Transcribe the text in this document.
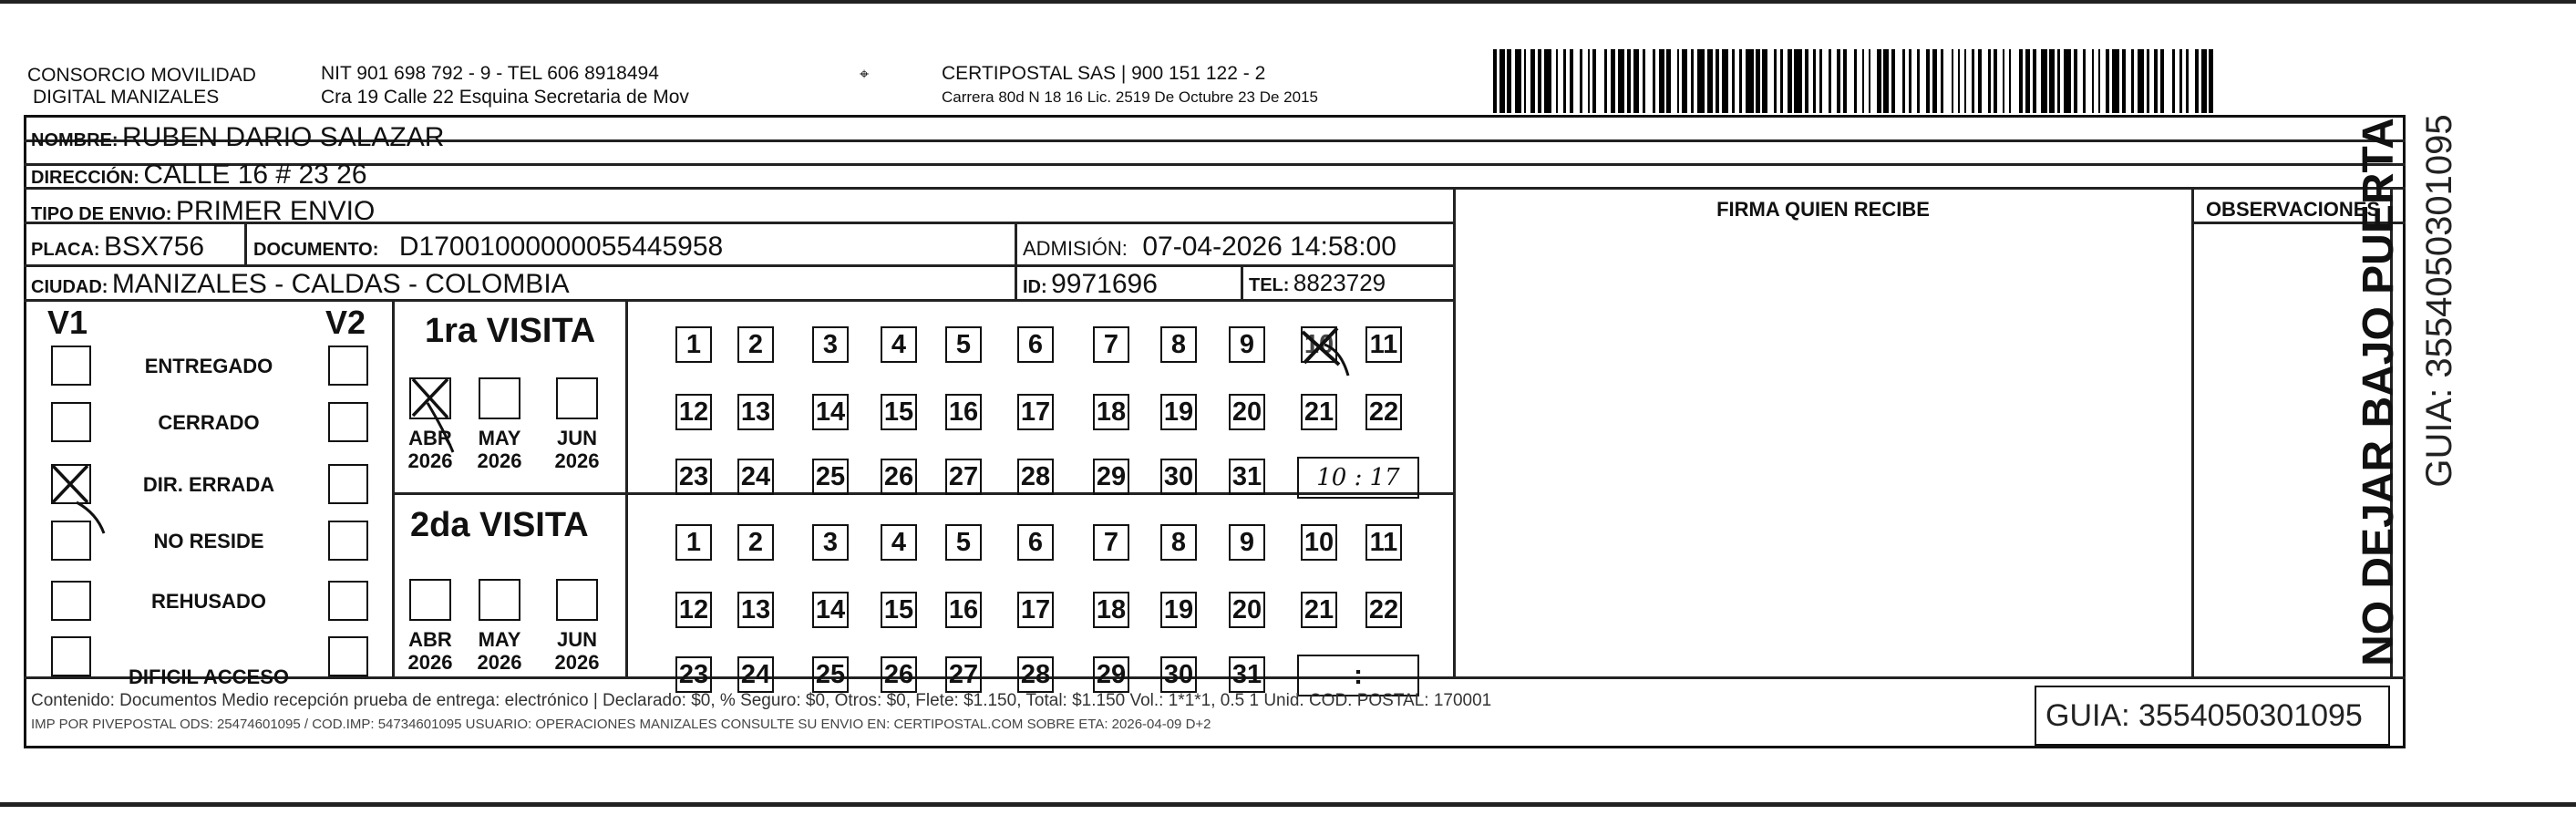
CONSORCIO MOVILIDAD
DIGITAL MANIZALES
NIT 901 698 792 - 9 - TEL 606 8918494
Cra 19 Calle 22 Esquina Secretaria de Mov
⌖	CERTIPOSTAL SAS | 900 151 122 - 2
Carrera 80d N 18 16 Lic. 2519 De Octubre 23 De 2015
NOMBRE: RUBEN DARIO SALAZAR
DIRECCIÓN: CALLE 16 # 23 26
TIPO DE ENVIO: PRIMER ENVIO
PLACA: BSX756	DOCUMENTO: D17001000000055445958	ADMISIÓN: 07-04-2026 14:58:00
CIUDAD: MANIZALES - CALDAS - COLOMBIA	ID: 9971696	TEL: 8823729
FIRMA QUIEN RECIBE	OBSERVACIONES
V1	V2
ENTREGADO
CERRADO
DIR. ERRADA
NO RESIDE
REHUSADO
DIFICIL ACCESO
1ra VISITA
ABR
2026
MAY
2026
JUN
2026
1	2	3	4	5	6	7	8	9	10 11
12 13 14 15 16 17 18 19 20 21 22
23 24 25 26 27 28 29 30 31	10 : 17
2da VISITA
ABR
2026
MAY
2026
JUN
2026
1	2	3	4	5	6	7	8	9	10 11
12 13 14 15 16 17 18 19 20 21 22
23 24 25 26 27 28 29 30 31	:
Contenido: Documentos Medio recepción prueba de entrega: electrónico | Declarado: $0, % Seguro: $0, Otros: $0, Flete: $1.150, Total: $1.150 Vol.: 1*1*1, 0.5 1 Unid. COD. POSTAL: 170001
IMP POR PIVEPOSTAL ODS: 25474601095 / COD.IMP: 54734601095 USUARIO: OPERACIONES MANIZALES CONSULTE SU ENVIO EN: CERTIPOSTAL.COM SOBRE ETA: 2026-04-09 D+2	GUIA: 3554050301095
NO DEJAR BAJO PUERTA GUIA: 3554050301095
